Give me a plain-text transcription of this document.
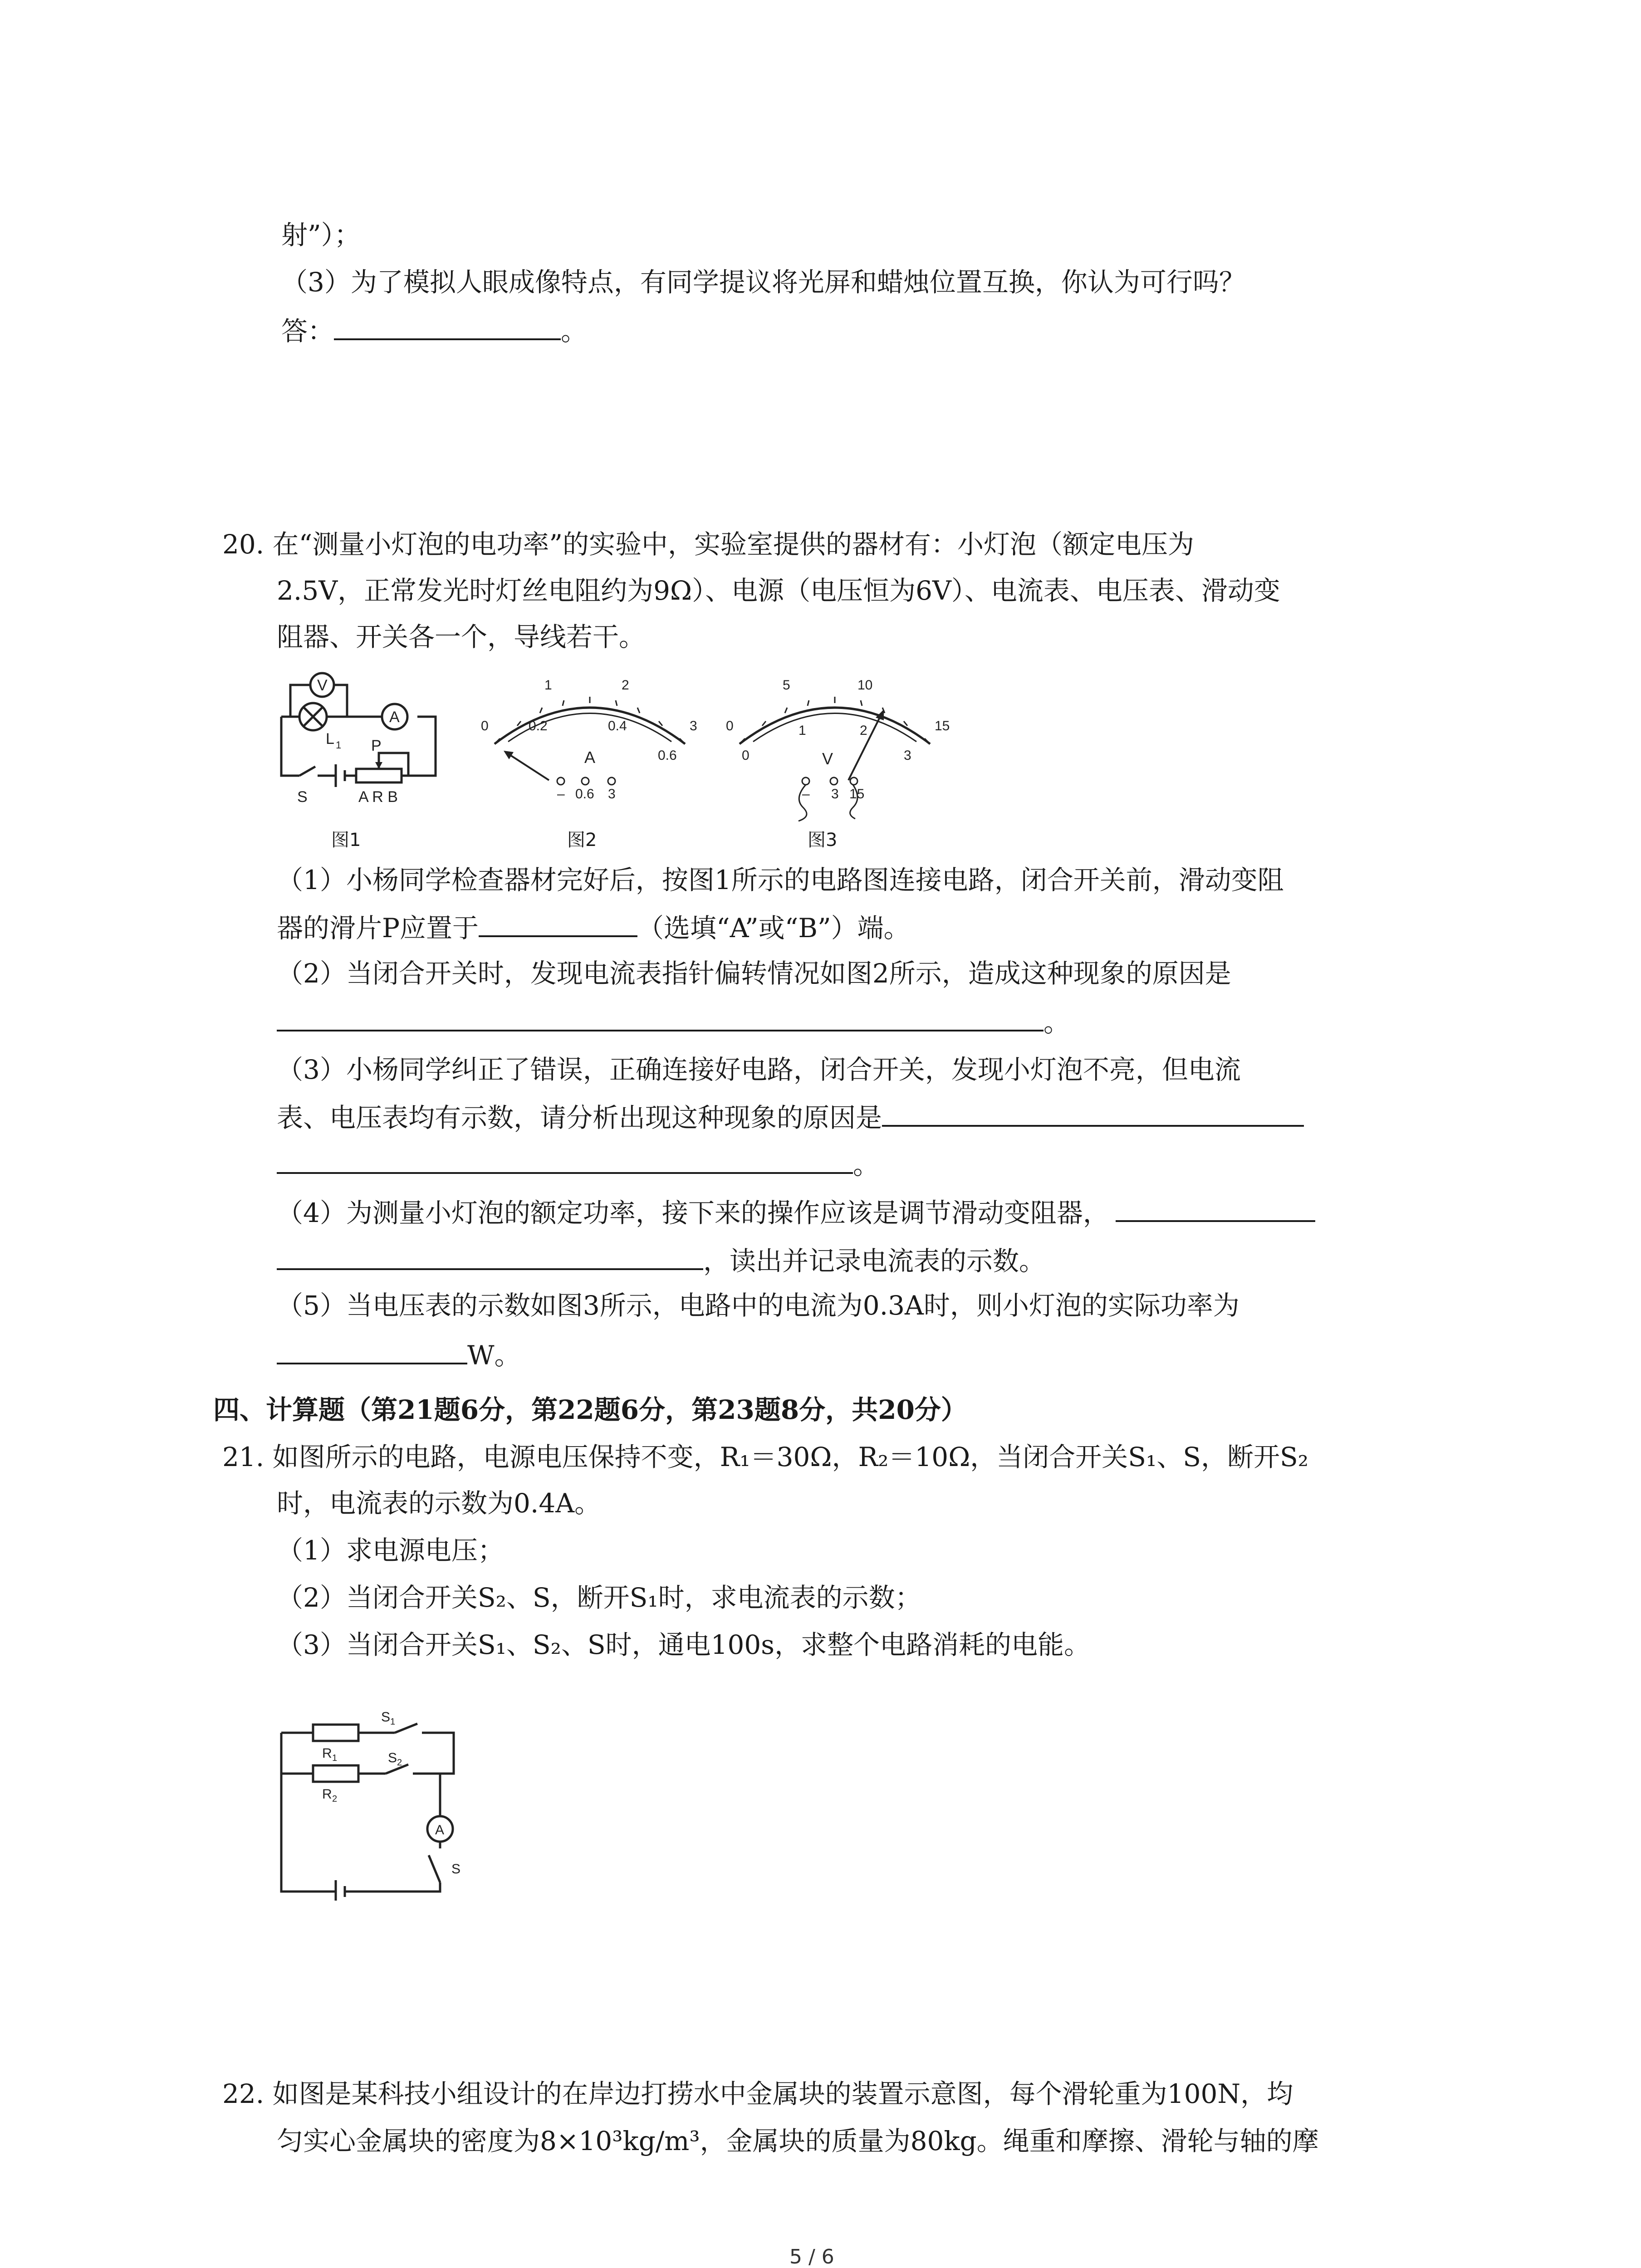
射”）；
（3）为了模拟人眼成像特点，有同学提议将光屏和蜡烛位置互换，你认为可行吗？
答：	。
20. 在“测量小灯泡的电功率”的实验中，实验室提供的器材有：小灯泡（额定电压为
2.5V，正常发光时灯丝电阻约为9Ω）、电源（电压恒为6V）、电流表、电压表、滑动变
阻器、开关各一个，导线若干。
V
A
L 1 P
S	A R B
图1
1	2
0	3
0.2	0.4
0.6
A
– 0.6 3
图2
5	10
0	15
0
1	2
3
V
– 3 15
图3
（1）小杨同学检查器材完好后，按图1所示的电路图连接电路，闭合开关前，滑动变阻
器的滑片P应置于	（选填“A”或“B”）端。
（2）当闭合开关时，发现电流表指针偏转情况如图2所示，造成这种现象的原因是
。
（3）小杨同学纠正了错误，正确连接好电路，闭合开关，发现小灯泡不亮，但电流
表、电压表均有示数，请分析出现这种现象的原因是
。
（4）为测量小灯泡的额定功率，接下来的操作应该是调节滑动变阻器，
，读出并记录电流表的示数。
（5）当电压表的示数如图3所示，电路中的电流为0.3A时，则小灯泡的实际功率为
W。
四、计算题（第21题6分，第22题6分，第23题8分，共20分）
21. 如图所示的电路，电源电压保持不变，R₁＝30Ω，R₂＝10Ω，当闭合开关S₁、S，断开S₂
时，电流表的示数为0.4A。
（1）求电源电压；
（2）当闭合开关S₂、S，断开S₁时，求电流表的示数；
（3）当闭合开关S₁、S₂、S时，通电100s，求整个电路消耗的电能。
R 1
R 2
S 1
S 2
A
S
22. 如图是某科技小组设计的在岸边打捞水中金属块的装置示意图，每个滑轮重为100N，均
匀实心金属块的密度为8×10³kg/m³，金属块的质量为80kg。绳重和摩擦、滑轮与轴的摩
5 / 6
